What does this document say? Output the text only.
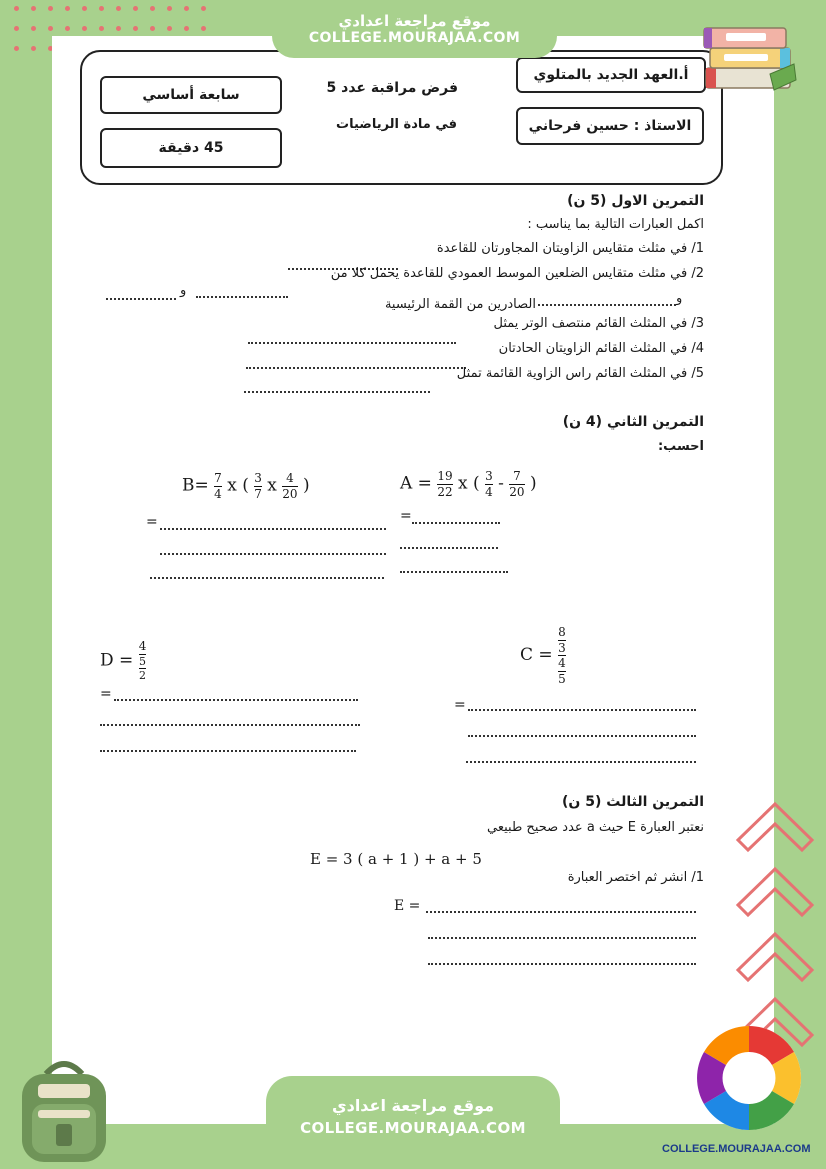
موقع مراجعة اعدادي
COLLEGE.MOURAJAA.COM
أ.العهد الجديد بالمتلوي
الاستاذ : حسين فرحاني
سابعة أساسي
45 دقيقة
فرض مراقبة عدد 5
في مادة الرياضيات
التمرين الاول (5 ن)
اكمل العبارات التالية بما يناسب :
1/ في مثلث متقايس الزاويتان المجاورتان للقاعدة
2/ في مثلث متقايس الضلعين الموسط العمودي للقاعدة يحمل كلا من
و
و
الصادرين من القمة الرئيسية
3/ في المثلث القائم منتصف الوتر يمثل
4/ في المثلث القائم الزاويتان الحادتان
5/ في المثلث القائم راس الزاوية القائمة تمثل
التمرين الثاني (4 ن)
احسب:
$A = \frac{19}{22}$ x ( $\frac{3}{4} - \frac{7}{20}$ )
=
$B= \frac{7}{4}$ x ( $\frac{3}{7}$ x $\frac{4}{20}$ )
=
$D = \frac{4}{\frac{5}{2}}$
=
$C = \frac{\frac{8}{3}}{\frac{4}{5}}$
=
التمرين الثالث (5 ن)
نعتبر العبارة E حيث a عدد صحيح طبيعي
E = 3 ( a + 1 ) + a + 5
1/ انشر ثم اختصر العبارة
E =
COLLEGE.MOURAJAA.COM
موقع مراجعة اعدادي
COLLEGE.MOURAJAA.COM
